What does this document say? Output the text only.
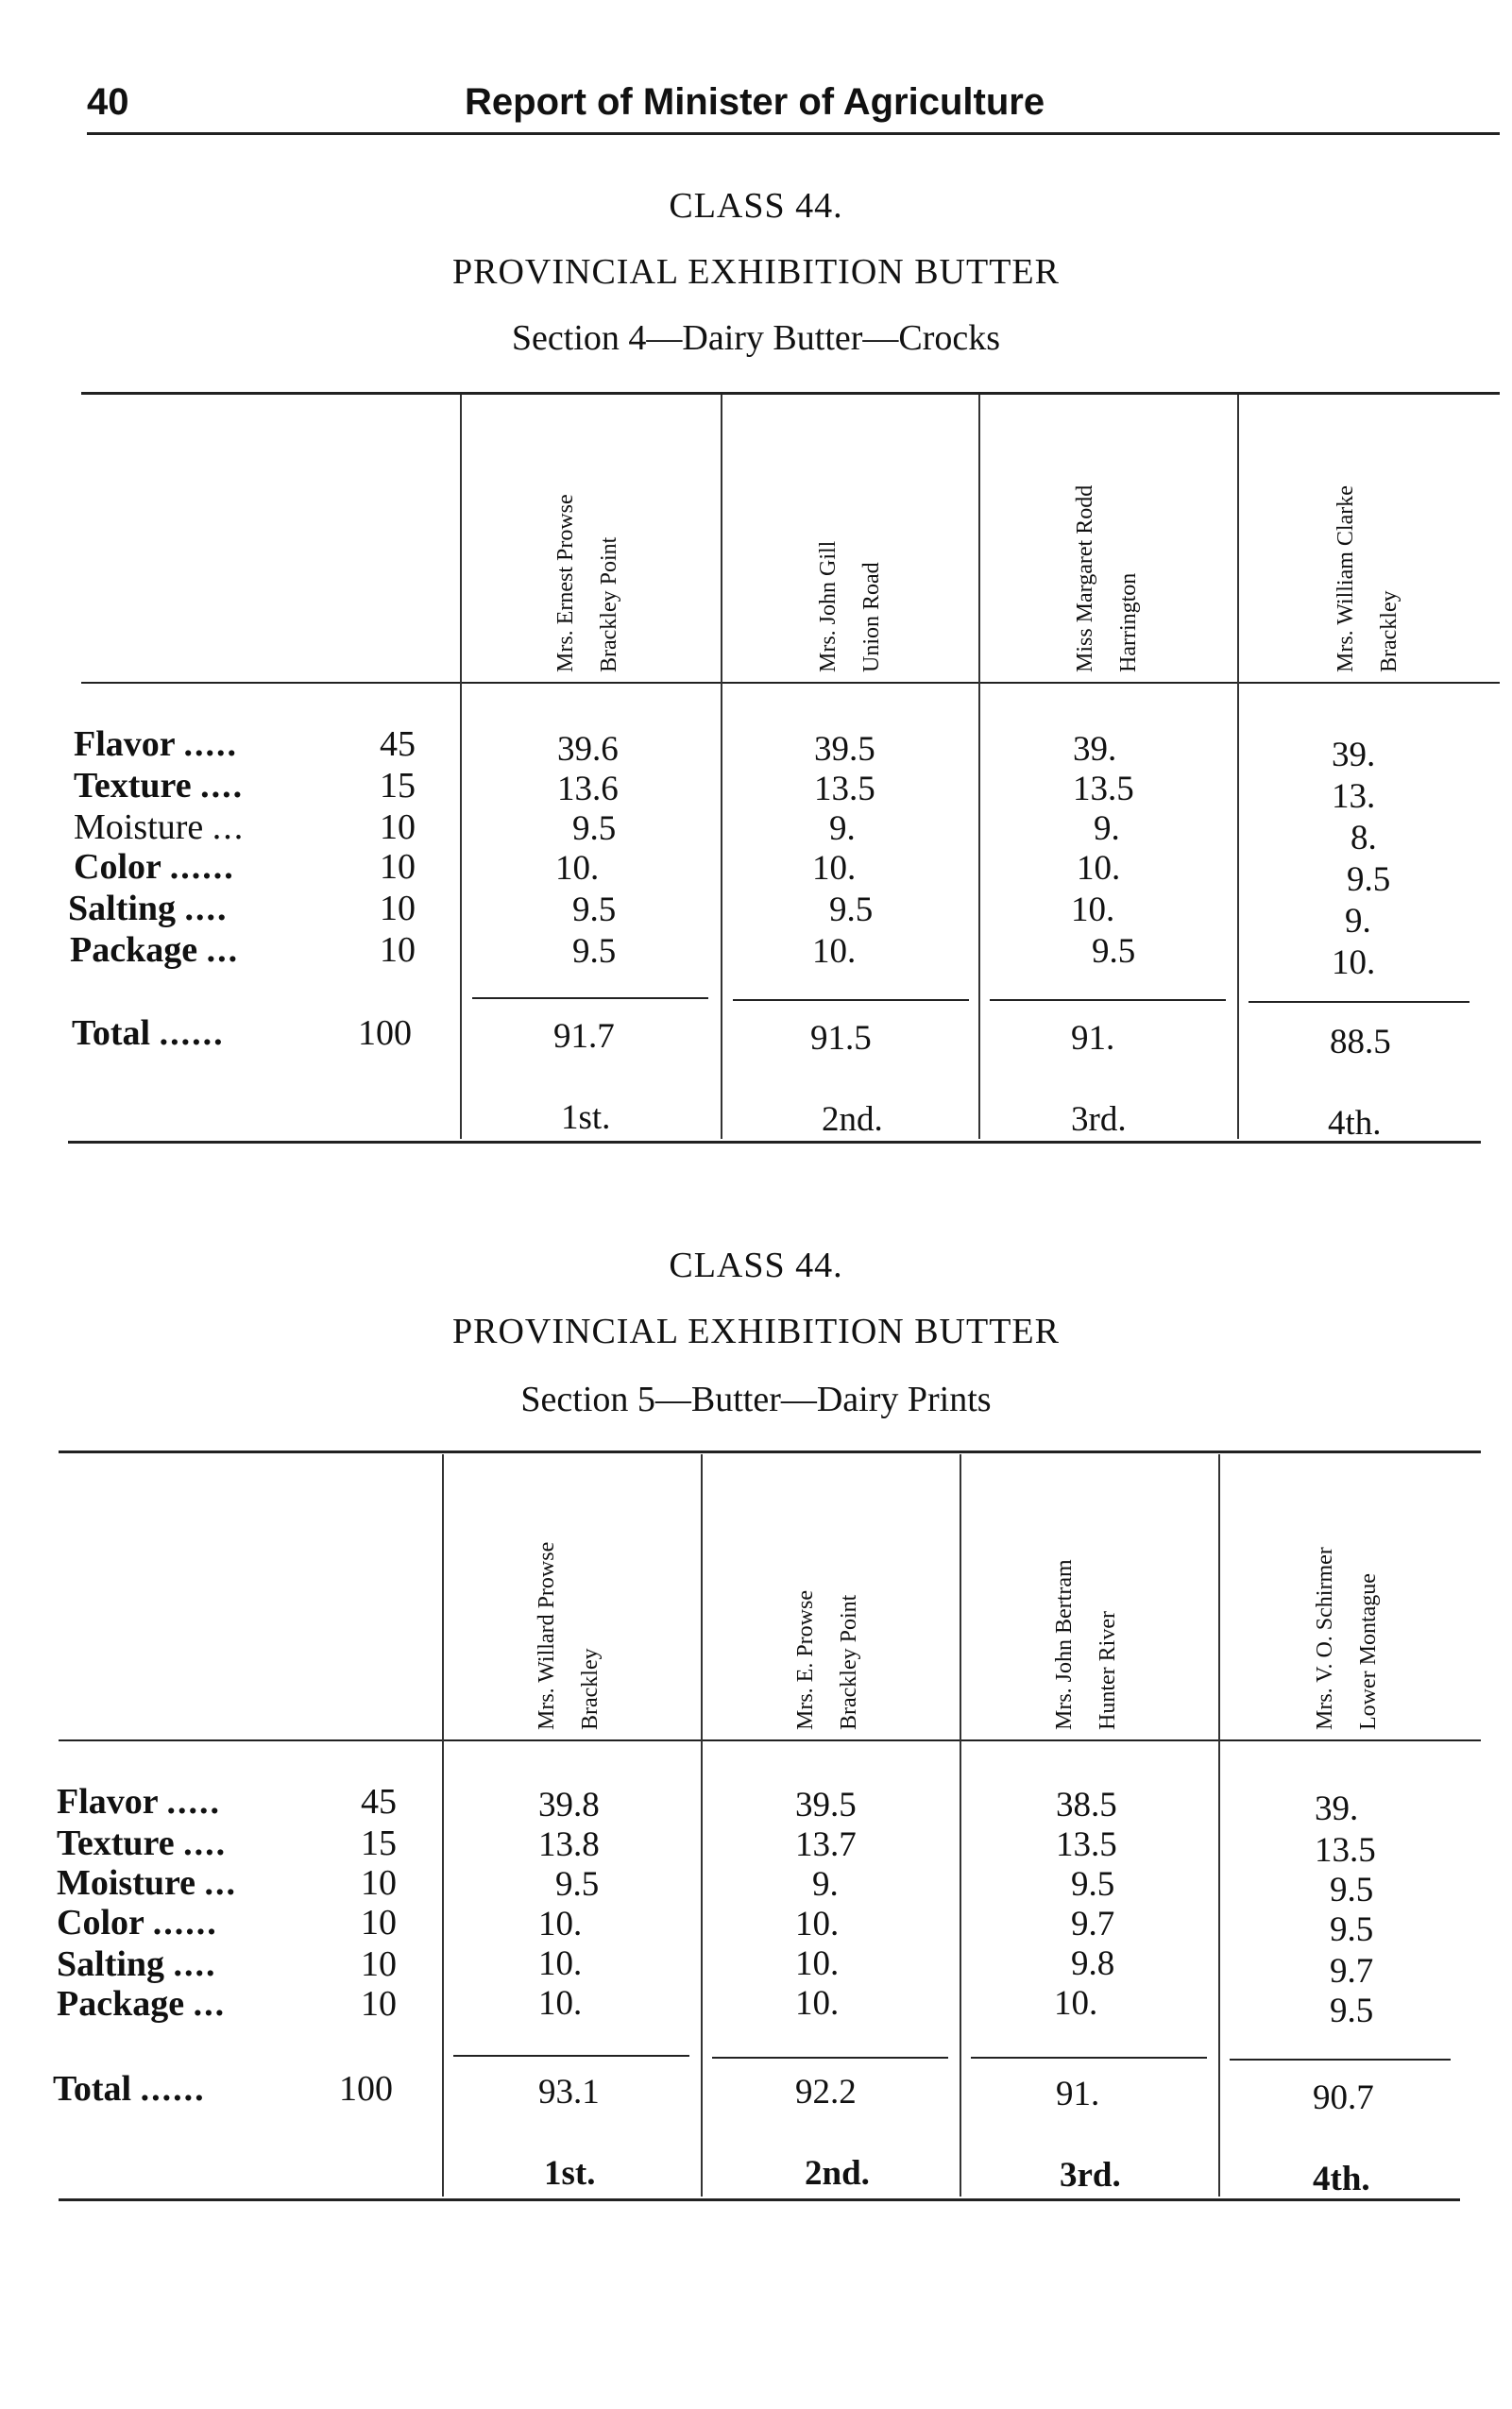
40	Report of Minister of Agriculture
CLASS 44.
PROVINCIAL EXHIBITION BUTTER
Section 4—Dairy Butter—Crocks
Mrs. Ernest Prowse Brackley Point	Mrs. John Gill Union Road	Miss Margaret Rodd Harrington	Mrs. William Clarke Brackley
Flavor .....	45	39.6	39.5	39.	39.
Texture ....	15	13.6	13.5	13.5	13.
Moisture ...	10	9.5	9.	9.	8.
Color ......	10	10.	10.	10.	9.5
Salting ....	10	9.5	9.5	10.	9.
Package ...	10	9.5	10.	9.5	10.
Total ......	100	91.7	91.5	91.	88.5
1st.	2nd.	3rd.	4th.
CLASS 44.
PROVINCIAL EXHIBITION BUTTER
Section 5—Butter—Dairy Prints
Mrs. Willard Prowse Brackley	Mrs. E. Prowse Brackley Point	Mrs. John Bertram Hunter River	Mrs. V. O. Schirmer Lower Montague
Flavor .....	45	39.8	39.5	38.5	39.
Texture ....	15	13.8	13.7	13.5	13.5
Moisture ...	10	9.5	9.	9.5	9.5
Color ......	10	10.	10.	9.7	9.5
Salting ....	10	10.	10.	9.8	9.7
Package ...	10	10.	10.	10.	9.5
Total ......	100	93.1	92.2	91.	90.7
1st.	2nd.	3rd.	4th.
